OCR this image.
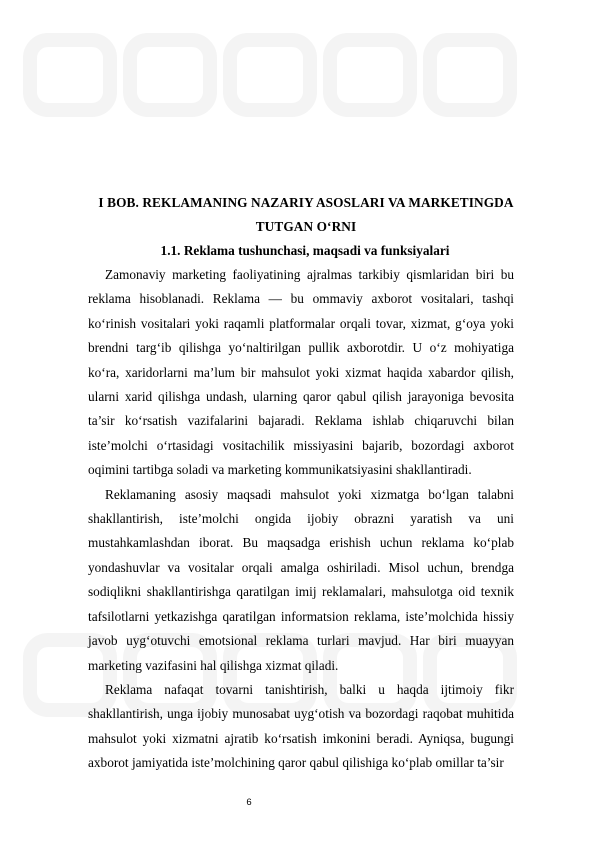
I BOB. REKLAMANING NAZARIY ASOSLARI VA MARKETINGDA TUTGAN O‘RNI
1.1. Reklama tushunchasi, maqsadi va funksiyalari

Zamonaviy marketing faoliyatining ajralmas tarkibiy qismlaridan biri bu reklama hisoblanadi. Reklama — bu ommaviy axborot vositalari, tashqi ko‘rinish vositalari yoki raqamli platformalar orqali tovar, xizmat, g‘oya yoki brendni targ‘ib qilishga yo‘naltirilgan pullik axborotdir. U o‘z mohiyatiga ko‘ra, xaridorlarni ma’lum bir mahsulot yoki xizmat haqida xabardor qilish, ularni xarid qilishga undash, ularning qaror qabul qilish jarayoniga bevosita ta’sir ko‘rsatish vazifalarini bajaradi. Reklama ishlab chiqaruvchi bilan iste’molchi o‘rtasidagi vositachilik missiyasini bajarib, bozordagi axborot oqimini tartibga soladi va marketing kommunikatsiyasini shakllantiradi.

Reklamaning asosiy maqsadi mahsulot yoki xizmatga bo‘lgan talabni shakllantirish, iste’molchi ongida ijobiy obrazni yaratish va uni mustahkamlashdan iborat. Bu maqsadga erishish uchun reklama ko‘plab yondashuvlar va vositalar orqali amalga oshiriladi. Misol uchun, brendga sodiqlikni shakllantirishga qaratilgan imij reklamalari, mahsulotga oid texnik tafsilotlarni yetkazishga qaratilgan informatsion reklama, iste’molchida hissiy javob uyg‘otuvchi emotsional reklama turlari mavjud. Har biri muayyan marketing vazifasini hal qilishga xizmat qiladi.

Reklama nafaqat tovarni tanishtirish, balki u haqda ijtimoiy fikr shakllantirish, unga ijobiy munosabat uyg‘otish va bozordagi raqobat muhitida mahsulot yoki xizmatni ajratib ko‘rsatish imkonini beradi. Ayniqsa, bugungi axborot jamiyatida iste’molchining qaror qabul qilishiga ko‘plab omillar ta’sir

6
